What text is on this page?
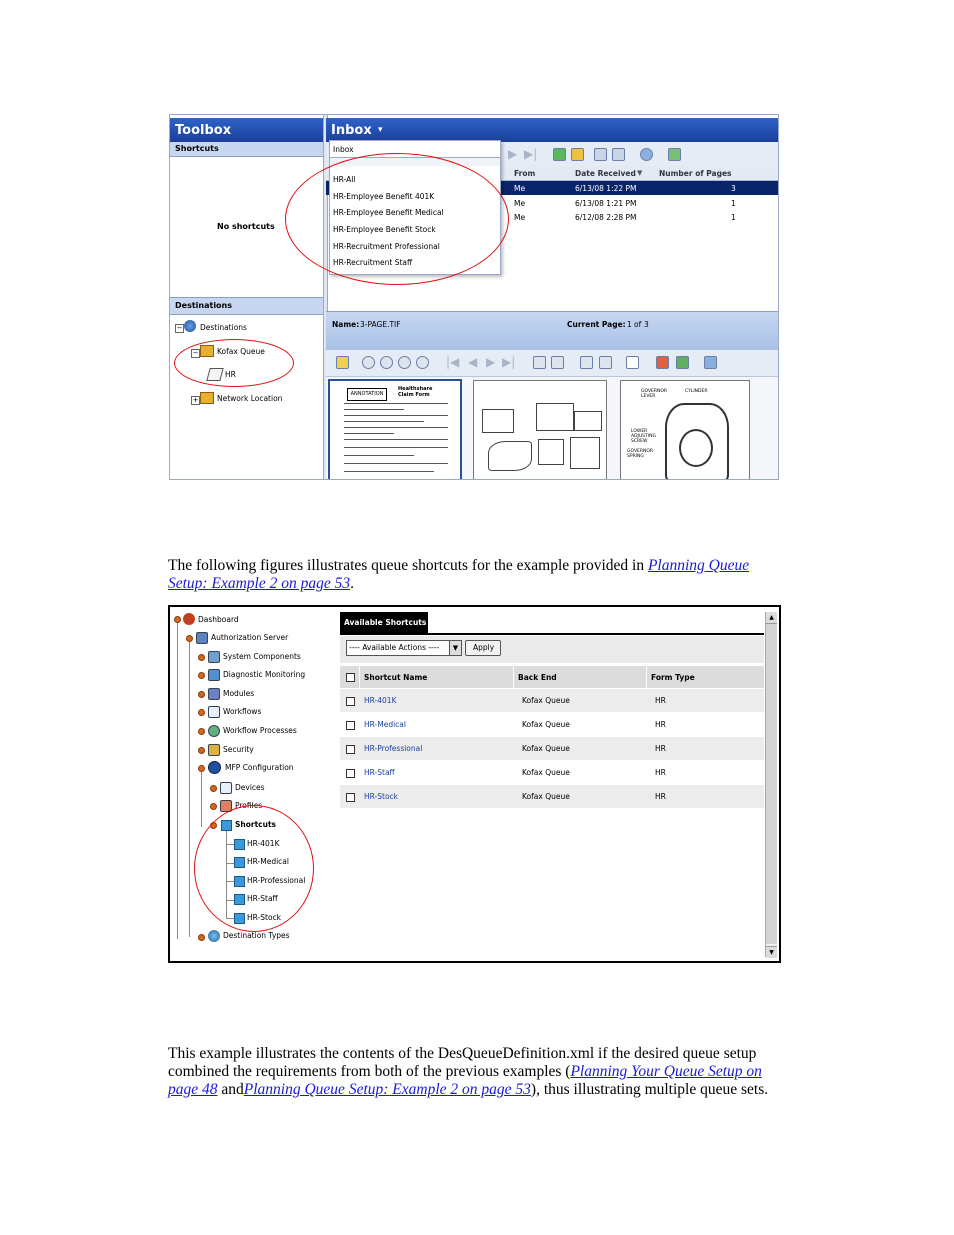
Toolbox
Shortcuts
No shortcuts
Destinations
− Destinations
− Kofax Queue
HR
+ Network Location
Inbox ▾
▶ ▶|
From	Date Received ▼ Number of Pages
Me	6/13/08 1:22 PM	3
Me	6/13/08 1:21 PM	1
Me	6/12/08 2:28 PM	1
Inbox
HR-All
HR-Employee Benefit 401K
HR-Employee Benefit Medical
HR-Employee Benefit Stock
HR-Recruitment Professional
HR-Recruitment Staff
Name: 3-PAGE.TIF	Current Page: 1 of 3
|◀ ◀ ▶ ▶|
ANNOTATION
Healthshare Claim Form
GOVERNOR LEVER
CYLINDER
LOWER ADJUSTING SCREW
GOVERNOR SPRING
The following figures illustrates queue shortcuts for the example provided in Planning Queue
Setup: Example 2 on page 53.
Dashboard
Authorization Server
System Components
Diagnostic Monitoring
Modules
Workflows
Workflow Processes
Security
MFP Configuration
Devices
Profiles
Shortcuts
HR-401K
HR-Medical
HR-Professional
HR-Staff
HR-Stock
Destination Types
Available Shortcuts
---- Available Actions ----	▼	Apply
Shortcut Name	Back End	Form Type
HR-401K	Kofax Queue	HR
HR-Medical	Kofax Queue	HR
HR-Professional	Kofax Queue	HR
HR-Staff	Kofax Queue	HR
HR-Stock	Kofax Queue	HR
▲
▼
This example illustrates the contents of the DesQueueDefinition.xml if the desired queue setup
combined the requirements from both of the previous examples (Planning Your Queue Setup on
page 48 andPlanning Queue Setup: Example 2 on page 53), thus illustrating multiple queue sets.
